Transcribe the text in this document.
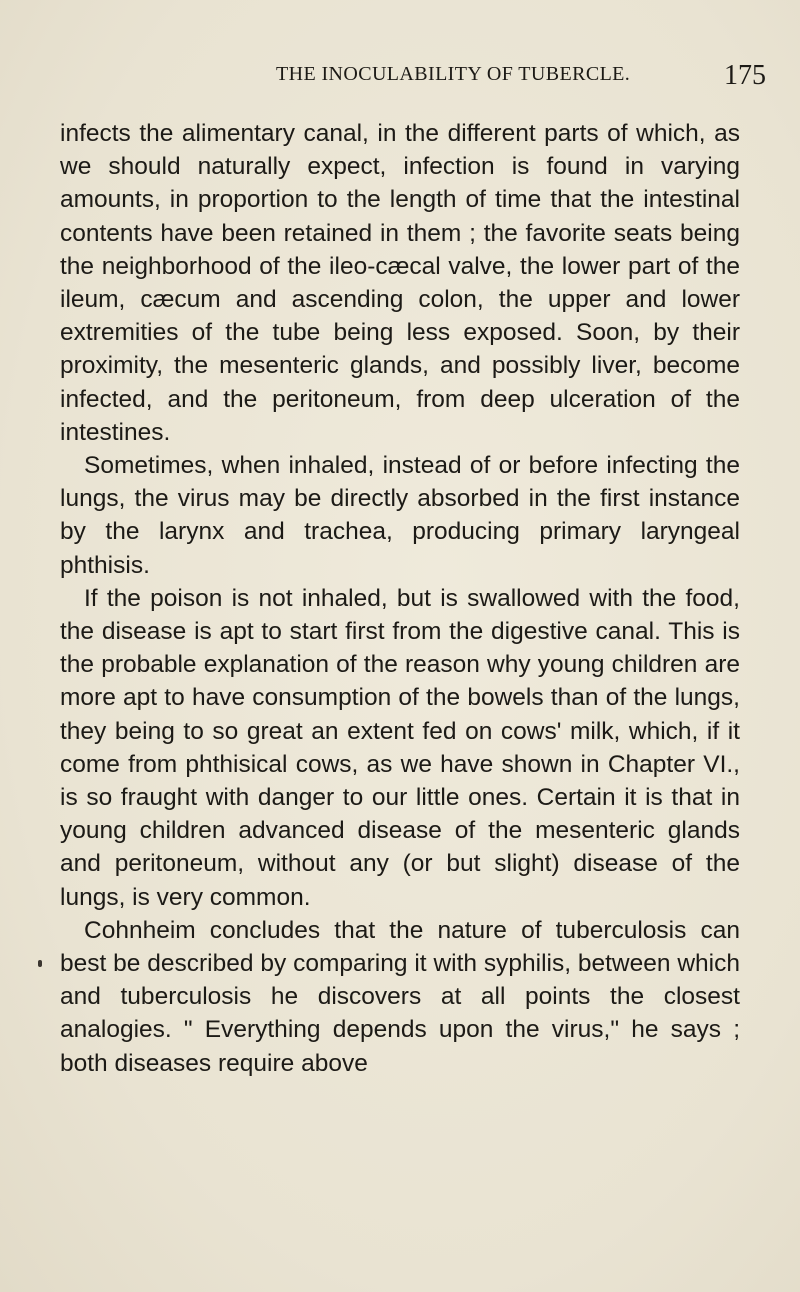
THE INOCULABILITY OF TUBERCLE.	175

infects the alimentary canal, in the different parts of which, as we should naturally expect, infection is found in varying amounts, in proportion to the length of time that the intestinal contents have been retained in them ; the favorite seats being the neighborhood of the ileo-cæcal valve, the lower part of the ileum, cæcum and ascending colon, the upper and lower extremities of the tube being less exposed. Soon, by their proximity, the mesenteric glands, and possibly liver, become infected, and the peritoneum, from deep ulceration of the intestines.

Sometimes, when inhaled, instead of or before infecting the lungs, the virus may be directly absorbed in the first instance by the larynx and trachea, producing primary laryngeal phthisis.

If the poison is not inhaled, but is swallowed with the food, the disease is apt to start first from the digestive canal. This is the probable explanation of the reason why young children are more apt to have consumption of the bowels than of the lungs, they being to so great an extent fed on cows' milk, which, if it come from phthisical cows, as we have shown in Chapter VI., is so fraught with danger to our little ones. Certain it is that in young children advanced disease of the mesenteric glands and peritoneum, without any (or but slight) disease of the lungs, is very common.

Cohnheim concludes that the nature of tuberculosis can best be described by comparing it with syphilis, between which and tuberculosis he discovers at all points the closest analogies. " Everything depends upon the virus," he says ; both diseases require above
